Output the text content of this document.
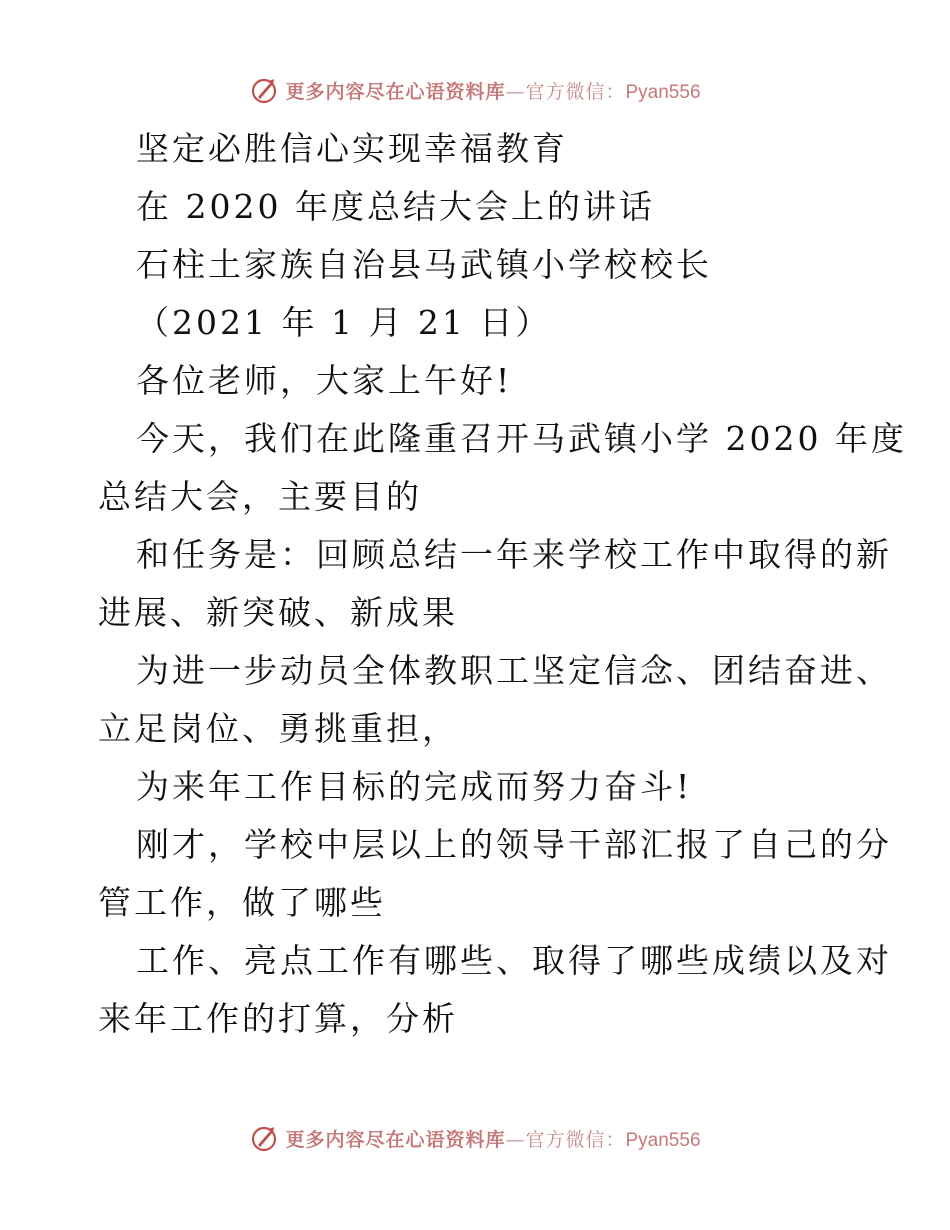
更多内容尽在心语资料库—官方微信：Pyan556
坚定必胜信心实现幸福教育
在 2020 年度总结大会上的讲话
石柱土家族自治县马武镇小学校校长
（2021 年 1 月 21 日）
各位老师，大家上午好!
今天，我们在此隆重召开马武镇小学 2020 年度
总结大会，主要目的
和任务是：回顾总结一年来学校工作中取得的新
进展、新突破、新成果
为进一步动员全体教职工坚定信念、团结奋进、
立足岗位、勇挑重担，
为来年工作目标的完成而努力奋斗!
刚才，学校中层以上的领导干部汇报了自己的分
管工作，做了哪些
工作、亮点工作有哪些、取得了哪些成绩以及对
来年工作的打算，分析
更多内容尽在心语资料库—官方微信：Pyan556
